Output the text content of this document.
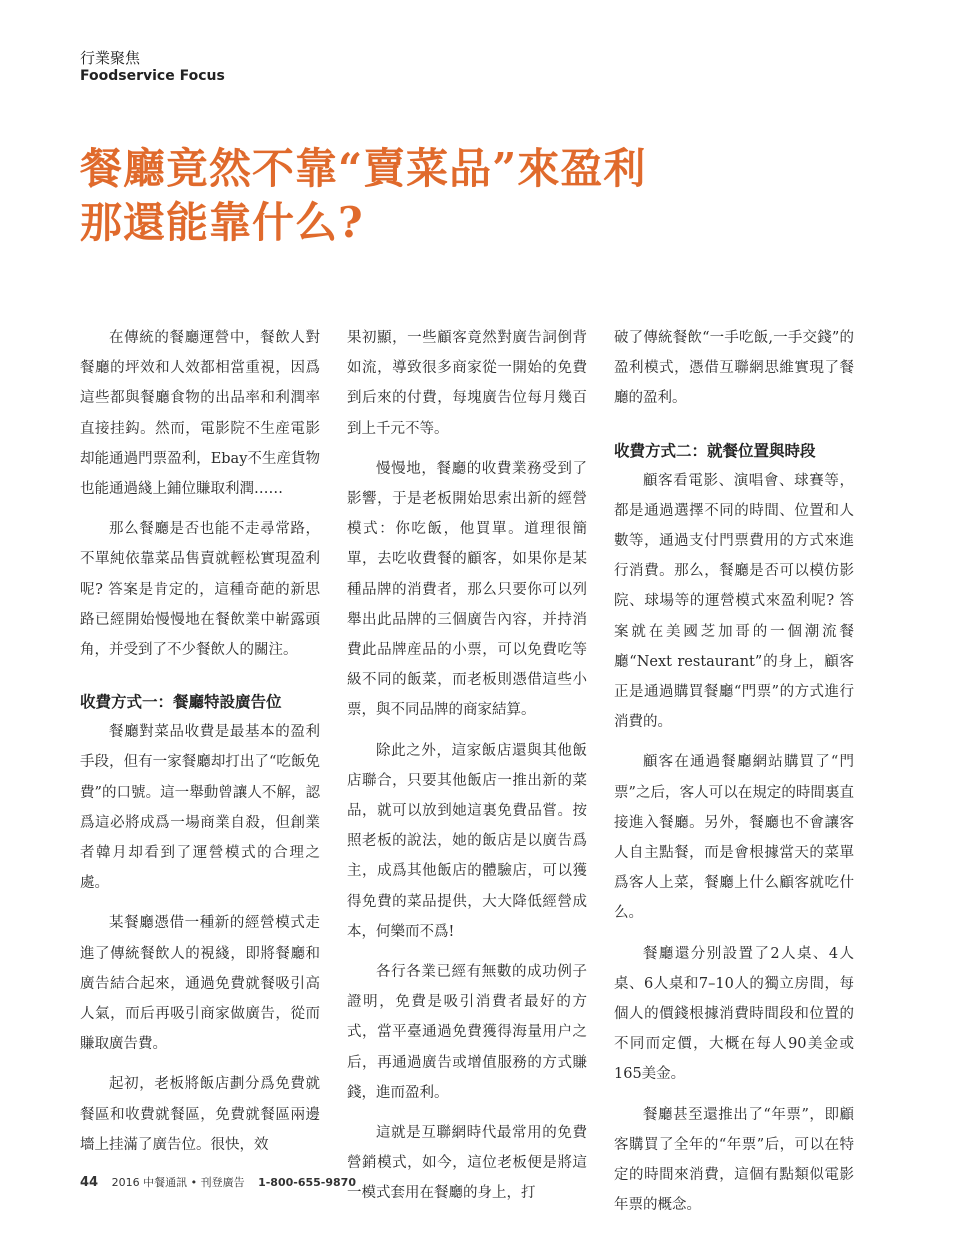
行業聚焦
Foodservice Focus
餐廳竟然不靠“賣菜品”來盈利
那還能靠什么?

在傳統的餐廳運營中，餐飲人對餐廳的坪效和人效都相當重視，因爲這些都與餐廳食物的出品率和利潤率直接挂鈎。然而，電影院不生産電影却能通過門票盈利，Ebay不生産貨物也能通過綫上鋪位賺取利潤……

那么餐廳是否也能不走尋常路，不單純依靠菜品售賣就輕松實現盈利呢? 答案是肯定的，這種奇葩的新思路已經開始慢慢地在餐飲業中嶄露頭角，并受到了不少餐飲人的關注。

收費方式一：餐廳特設廣告位

餐廳對菜品收費是最基本的盈利手段，但有一家餐廳却打出了“吃飯免費”的口號。這一舉動曾讓人不解，認爲這必將成爲一場商業自殺，但創業者韓月却看到了運營模式的合理之處。

某餐廳憑借一種新的經營模式走進了傳統餐飲人的視綫，即將餐廳和廣告結合起來，通過免費就餐吸引高人氣，而后再吸引商家做廣告，從而賺取廣告費。

起初，老板將飯店劃分爲免費就餐區和收費就餐區，免費就餐區兩邊墻上挂滿了廣告位。很快，效

果初顯，一些顧客竟然對廣告詞倒背如流，導致很多商家從一開始的免費到后來的付費，每塊廣告位每月幾百到上千元不等。

慢慢地，餐廳的收費業務受到了影響，于是老板開始思索出新的經營模式：你吃飯，他買單。道理很簡單，去吃收費餐的顧客，如果你是某種品牌的消費者，那么只要你可以列舉出此品牌的三個廣告內容，并持消費此品牌産品的小票，可以免費吃等級不同的飯菜，而老板則憑借這些小票，與不同品牌的商家結算。

除此之外，這家飯店還與其他飯店聯合，只要其他飯店一推出新的菜品，就可以放到她這裏免費品嘗。按照老板的說法，她的飯店是以廣告爲主，成爲其他飯店的體驗店，可以獲得免費的菜品提供，大大降低經營成本，何樂而不爲!

各行各業已經有無數的成功例子證明，免費是吸引消費者最好的方式，當平臺通過免費獲得海量用户之后，再通過廣告或增值服務的方式賺錢，進而盈利。

這就是互聯網時代最常用的免費營銷模式，如今，這位老板便是將這一模式套用在餐廳的身上，打

破了傳統餐飲“一手吃飯,一手交錢”的盈利模式，憑借互聯網思維實現了餐廳的盈利。

收費方式二：就餐位置與時段

顧客看電影、演唱會、球賽等，都是通過選擇不同的時間、位置和人數等，通過支付門票費用的方式來進行消費。那么，餐廳是否可以模仿影院、球場等的運營模式來盈利呢? 答案就在美國芝加哥的一個潮流餐廳“Next restaurant”的身上，顧客正是通過購買餐廳“門票”的方式進行消費的。

顧客在通過餐廳網站購買了“門票”之后，客人可以在規定的時間裏直接進入餐廳。另外，餐廳也不會讓客人自主點餐，而是會根據當天的菜單爲客人上菜，餐廳上什么顧客就吃什么。

餐廳還分别設置了2人桌、4人桌、6人桌和7–10人的獨立房間，每個人的價錢根據消費時間段和位置的不同而定價，大概在每人90美金或165美金。

餐廳甚至還推出了“年票”，即顧客購買了全年的“年票”后，可以在特定的時間來消費，這個有點類似電影年票的概念。

44 2016 中餐通訊 • 刊登廣告 1-800-655-9870
